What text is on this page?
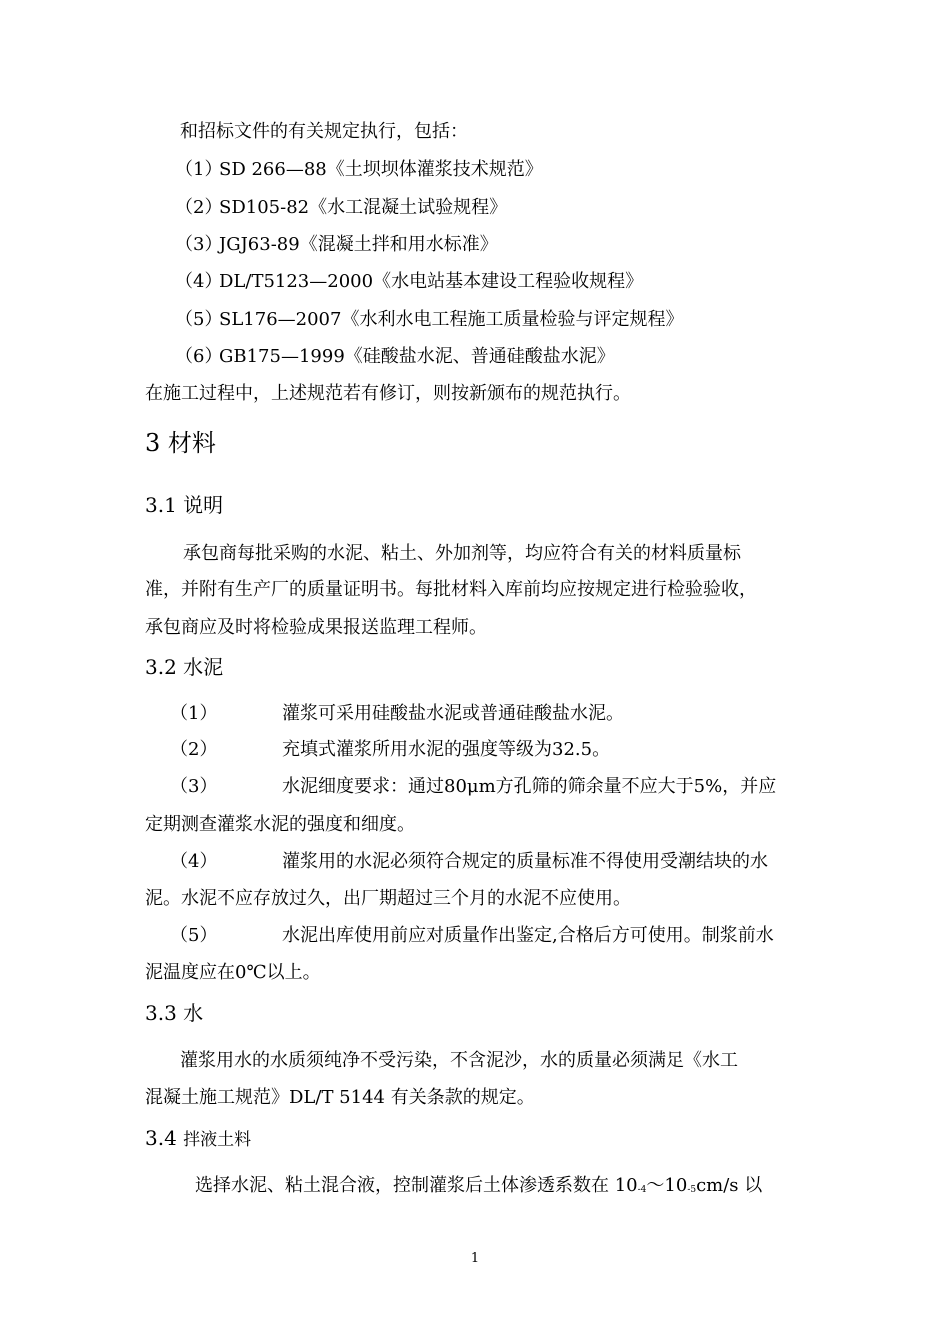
和招标文件的有关规定执行，包括：
（1）SD 266—88《土坝坝体灌浆技术规范》
（2）SD105-82《水工混凝土试验规程》
（3）JGJ63-89《混凝土拌和用水标准》
（4）DL/T5123—2000《水电站基本建设工程验收规程》
（5）SL176—2007《水利水电工程施工质量检验与评定规程》
（6）GB175—1999《硅酸盐水泥、普通硅酸盐水泥》
在施工过程中，上述规范若有修订，则按新颁布的规范执行。
3 材料
3.1 说明
承包商每批采购的水泥、粘土、外加剂等，均应符合有关的材料质量标
准，并附有生产厂的质量证明书。每批材料入库前均应按规定进行检验验收，
承包商应及时将检验成果报送监理工程师。
3.2 水泥
（1）	灌浆可采用硅酸盐水泥或普通硅酸盐水泥。
（2）	充填式灌浆所用水泥的强度等级为32.5。
（3）	水泥细度要求：通过80μm方孔筛的筛余量不应大于5%，并应
定期测查灌浆水泥的强度和细度。
（4）	灌浆用的水泥必须符合规定的质量标准不得使用受潮结块的水
泥。水泥不应存放过久，出厂期超过三个月的水泥不应使用。
（5）	水泥出库使用前应对质量作出鉴定,合格后方可使用。制浆前水
泥温度应在0℃以上。
3.3 水
灌浆用水的水质须纯净不受污染，不含泥沙，水的质量必须满足《水工
混凝土施工规范》DL/T 5144 有关条款的规定。
3.4 拌液土料
选择水泥、粘土混合液，控制灌浆后土体渗透系数在 $10_{-4}\sim 10_{-5}cm/s$ 以
1
